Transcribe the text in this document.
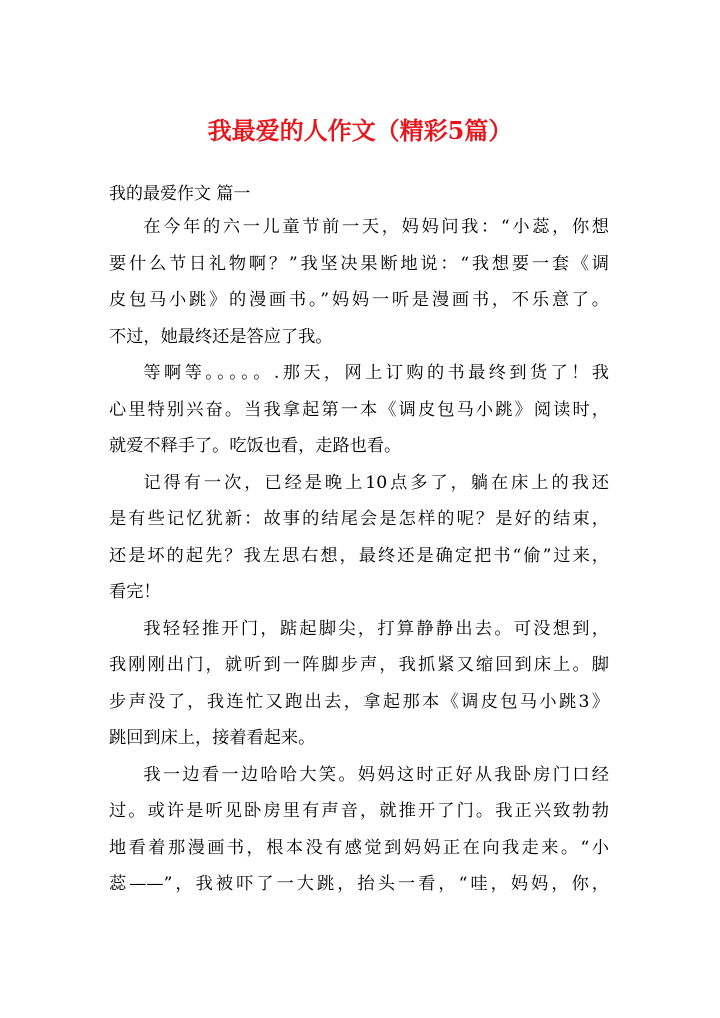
我最爱的人作文（精彩5篇）

我的最爱作文 篇一

在今年的六一儿童节前一天，妈妈问我：“小蕊，你想
要什么节日礼物啊？”我坚决果断地说：“我想要一套《调
皮包马小跳》的漫画书。”妈妈一听是漫画书，不乐意了。
不过，她最终还是答应了我。

等啊等。。。。。.那天，网上订购的书最终到货了！我
心里特别兴奋。当我拿起第一本《调皮包马小跳》阅读时，
就爱不释手了。吃饭也看，走路也看。

记得有一次，已经是晚上10点多了，躺在床上的我还
是有些记忆犹新：故事的结尾会是怎样的呢？是好的结束，
还是坏的起先？我左思右想，最终还是确定把书“偷”过来，
看完！

我轻轻推开门，踮起脚尖，打算静静出去。可没想到，
我刚刚出门，就听到一阵脚步声，我抓紧又缩回到床上。脚
步声没了，我连忙又跑出去，拿起那本《调皮包马小跳3》
跳回到床上，接着看起来。

我一边看一边哈哈大笑。妈妈这时正好从我卧房门口经
过。或许是听见卧房里有声音，就推开了门。我正兴致勃勃
地看着那漫画书，根本没有感觉到妈妈正在向我走来。“小
蕊——”，我被吓了一大跳，抬头一看，“哇，妈妈，你，
